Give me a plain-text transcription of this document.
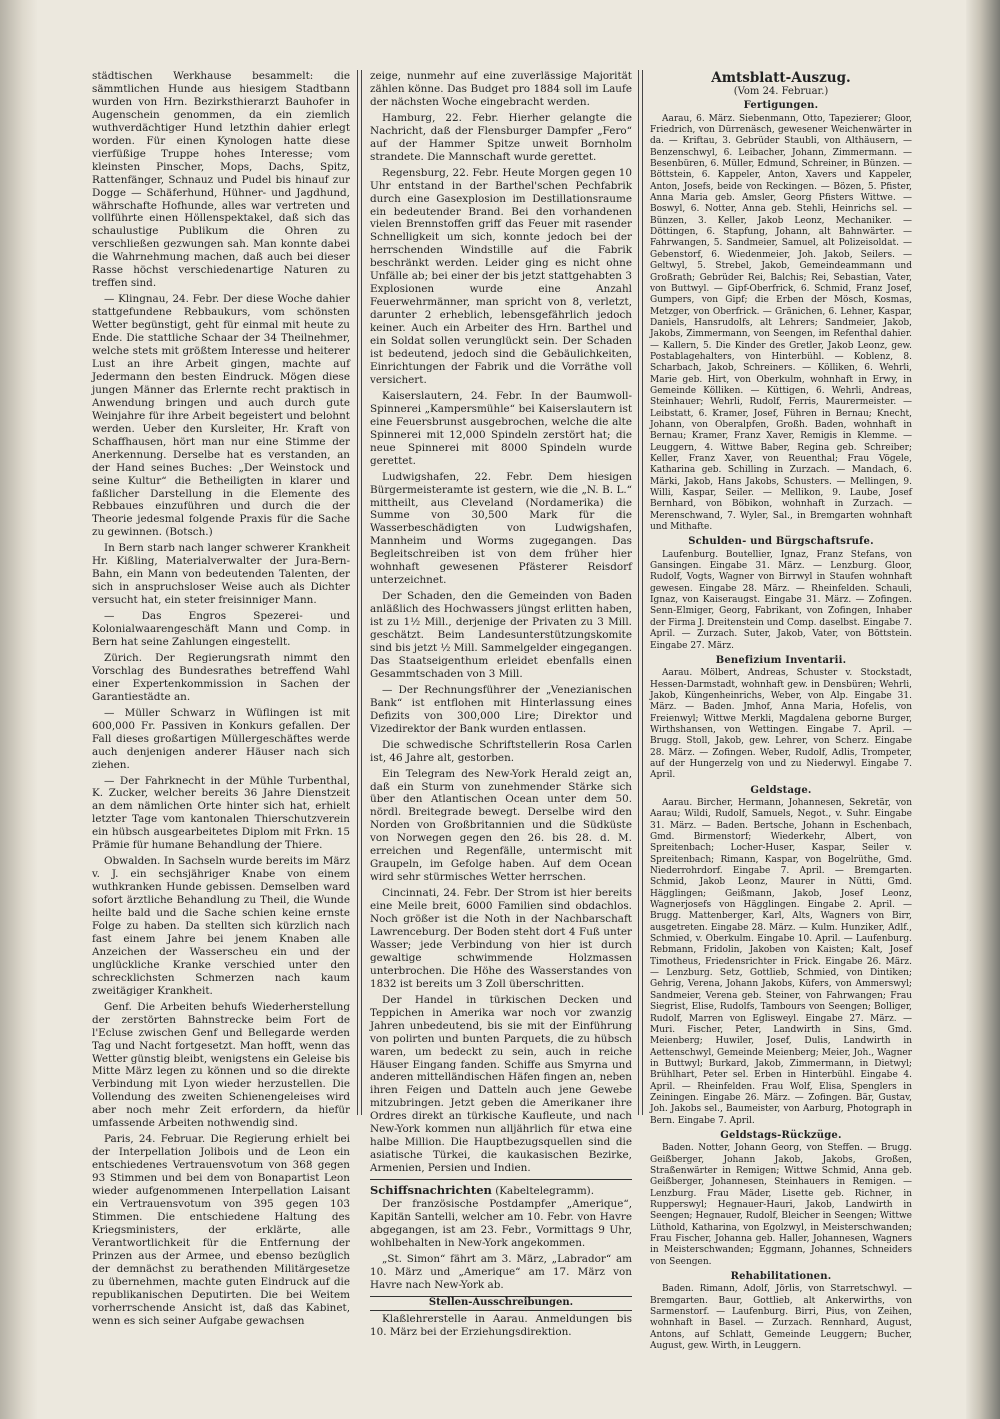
städtischen Werkhause besammelt: die sämmtlichen Hunde aus hiesigem Stadtbann wurden von Hrn. Bezirksthierarzt Bauhofer in Augenschein genommen, da ein ziemlich wuthverdächtiger Hund letzthin dahier erlegt worden. Für einen Kynologen hatte diese vierfüßige Truppe hohes Interesse; vom kleinsten Pinscher, Mops, Dachs, Spitz, Rattenfänger, Schnauz und Pudel bis hinauf zur Dogge — Schäferhund, Hühner- und Jagdhund, währschafte Hofhunde, alles war vertreten und vollführte einen Höllenspektakel, daß sich das schaulustige Publikum die Ohren zu verschließen gezwungen sah. Man konnte dabei die Wahrnehmung machen, daß auch bei dieser Rasse höchst verschiedenartige Naturen zu treffen sind.

— Klingnau, 24. Febr. Der diese Woche dahier stattgefundene Rebbaukurs, vom schönsten Wetter begünstigt, geht für einmal mit heute zu Ende. Die stattliche Schaar der 34 Theilnehmer, welche stets mit größtem Interesse und heiterer Lust an ihre Arbeit gingen, machte auf Jedermann den besten Eindruck. Mögen diese jungen Männer das Erlernte recht praktisch in Anwendung bringen und auch durch gute Weinjahre für ihre Arbeit begeistert und belohnt werden. Ueber den Kursleiter, Hr. Kraft von Schaffhausen, hört man nur eine Stimme der Anerkennung. Derselbe hat es verstanden, an der Hand seines Buches: „Der Weinstock und seine Kultur“ die Betheiligten in klarer und faßlicher Darstellung in die Elemente des Rebbaues einzuführen und durch die der Theorie jedesmal folgende Praxis für die Sache zu gewinnen. (Botsch.)

In Bern starb nach langer schwerer Krankheit Hr. Kißling, Materialverwalter der Jura-Bern-Bahn, ein Mann von bedeutenden Talenten, der sich in anspruchsloser Weise auch als Dichter versucht hat, ein steter freisinniger Mann.

— Das Engros Spezerei- und Kolonialwaarengeschäft Mann und Comp. in Bern hat seine Zahlungen eingestellt.

Zürich. Der Regierungsrath nimmt den Vorschlag des Bundesrathes betreffend Wahl einer Expertenkommission in Sachen der Garantiestädte an.

— Müller Schwarz in Wüflingen ist mit 600,000 Fr. Passiven in Konkurs gefallen. Der Fall dieses großartigen Müllergeschäftes werde auch denjenigen anderer Häuser nach sich ziehen.

— Der Fahrknecht in der Mühle Turbenthal, K. Zucker, welcher bereits 36 Jahre Dienstzeit an dem nämlichen Orte hinter sich hat, erhielt letzter Tage vom kantonalen Thierschutzverein ein hübsch ausgearbeitetes Diplom mit Frkn. 15 Prämie für humane Behandlung der Thiere.

Obwalden. In Sachseln wurde bereits im März v. J. ein sechsjähriger Knabe von einem wuthkranken Hunde gebissen. Demselben ward sofort ärztliche Behandlung zu Theil, die Wunde heilte bald und die Sache schien keine ernste Folge zu haben. Da stellten sich kürzlich nach fast einem Jahre bei jenem Knaben alle Anzeichen der Wasserscheu ein und der unglückliche Kranke verschied unter den schrecklichsten Schmerzen nach kaum zweitägiger Krankheit.

Genf. Die Arbeiten behufs Wiederherstellung der zerstörten Bahnstrecke beim Fort de l'Ecluse zwischen Genf und Bellegarde werden Tag und Nacht fortgesetzt. Man hofft, wenn das Wetter günstig bleibt, wenigstens ein Geleise bis Mitte März legen zu können und so die direkte Verbindung mit Lyon wieder herzustellen. Die Vollendung des zweiten Schienengeleises wird aber noch mehr Zeit erfordern, da hiefür umfassende Arbeiten nothwendig sind.

Paris, 24. Februar. Die Regierung erhielt bei der Interpellation Jolibois und de Leon ein entschiedenes Vertrauensvotum von 368 gegen 93 Stimmen und bei dem von Bonapartist Leon wieder aufgenommenen Interpellation Laisant ein Vertrauensvotum von 395 gegen 103 Stimmen. Die entschiedene Haltung des Kriegsministers, der erklärte, alle Verantwortlichkeit für die Entfernung der Prinzen aus der Armee, und ebenso bezüglich der demnächst zu berathenden Militärgesetze zu übernehmen, machte guten Eindruck auf die republikanischen Deputirten. Die bei Weitem vorherrschende Ansicht ist, daß das Kabinet, wenn es sich seiner Aufgabe gewachsen

zeige, nunmehr auf eine zuverlässige Majorität zählen könne. Das Budget pro 1884 soll im Laufe der nächsten Woche eingebracht werden.

Hamburg, 22. Febr. Hierher gelangte die Nachricht, daß der Flensburger Dampfer „Fero“ auf der Hammer Spitze unweit Bornholm strandete. Die Mannschaft wurde gerettet.

Regensburg, 22. Febr. Heute Morgen gegen 10 Uhr entstand in der Barthel'schen Pechfabrik durch eine Gasexplosion im Destillationsraume ein bedeutender Brand. Bei den vorhandenen vielen Brennstoffen griff das Feuer mit rasender Schnelligkeit um sich, konnte jedoch bei der herrschenden Windstille auf die Fabrik beschränkt werden. Leider ging es nicht ohne Unfälle ab; bei einer der bis jetzt stattgehabten 3 Explosionen wurde eine Anzahl Feuerwehrmänner, man spricht von 8, verletzt, darunter 2 erheblich, lebensgefährlich jedoch keiner. Auch ein Arbeiter des Hrn. Barthel und ein Soldat sollen verunglückt sein. Der Schaden ist bedeutend, jedoch sind die Gebäulichkeiten, Einrichtungen der Fabrik und die Vorräthe voll versichert.

Kaiserslautern, 24. Febr. In der Baumwoll-Spinnerei „Kampersmühle“ bei Kaiserslautern ist eine Feuersbrunst ausgebrochen, welche die alte Spinnerei mit 12,000 Spindeln zerstört hat; die neue Spinnerei mit 8000 Spindeln wurde gerettet.

Ludwigshafen, 22. Febr. Dem hiesigen Bürgermeisteramte ist gestern, wie die „N. B. L.“ mittheilt, aus Cleveland (Nordamerika) die Summe von 30,500 Mark für die Wasserbeschädigten von Ludwigshafen, Mannheim und Worms zugegangen. Das Begleitschreiben ist von dem früher hier wohnhaft gewesenen Pfästerer Reisdorf unterzeichnet.

Der Schaden, den die Gemeinden von Baden anläßlich des Hochwassers jüngst erlitten haben, ist zu 1½ Mill., derjenige der Privaten zu 3 Mill. geschätzt. Beim Landesunterstützungskomite sind bis jetzt ½ Mill. Sammelgelder eingegangen. Das Staatseigenthum erleidet ebenfalls einen Gesammtschaden von 3 Mill.

— Der Rechnungsführer der „Venezianischen Bank“ ist entflohen mit Hinterlassung eines Defizits von 300,000 Lire; Direktor und Vizedirektor der Bank wurden entlassen.

Die schwedische Schriftstellerin Rosa Carlen ist, 46 Jahre alt, gestorben.

Ein Telegram des New-York Herald zeigt an, daß ein Sturm von zunehmender Stärke sich über den Atlantischen Ocean unter dem 50. nördl. Breitegrade bewegt. Derselbe wird den Norden von Großbritannien und die Südküste von Norwegen gegen den 26. bis 28. d. M. erreichen und Regenfälle, untermischt mit Graupeln, im Gefolge haben. Auf dem Ocean wird sehr stürmisches Wetter herrschen.

Cincinnati, 24. Febr. Der Strom ist hier bereits eine Meile breit, 6000 Familien sind obdachlos. Noch größer ist die Noth in der Nachbarschaft Lawrenceburg. Der Boden steht dort 4 Fuß unter Wasser; jede Verbindung von hier ist durch gewaltige schwimmende Holzmassen unterbrochen. Die Höhe des Wasserstandes von 1832 ist bereits um 3 Zoll überschritten.

Der Handel in türkischen Decken und Teppichen in Amerika war noch vor zwanzig Jahren unbedeutend, bis sie mit der Einführung von polirten und bunten Parquets, die zu hübsch waren, um bedeckt zu sein, auch in reiche Häuser Eingang fanden. Schiffe aus Smyrna und anderen mittelländischen Häfen fingen an, neben ihren Feigen und Datteln auch jene Gewebe mitzubringen. Jetzt geben die Amerikaner ihre Ordres direkt an türkische Kaufleute, und nach New-York kommen nun alljährlich für etwa eine halbe Million. Die Hauptbezugsquellen sind die asiatische Türkei, die kaukasischen Bezirke, Armenien, Persien und Indien.

Schiffsnachrichten (Kabeltelegramm).

Der französische Postdampfer „Amerique“, Kapitän Santelli, welcher am 10. Febr. von Havre abgegangen, ist am 23. Febr., Vormittags 9 Uhr, wohlbehalten in New-York angekommen.

„St. Simon“ fährt am 3. März, „Labrador“ am 10. März und „Amerique“ am 17. März von Havre nach New-York ab.

Stellen-Ausschreibungen.

Klaßlehrerstelle in Aarau. Anmeldungen bis 10. März bei der Erziehungsdirektion.

Amtsblatt-Auszug.
(Vom 24. Februar.)
Fertigungen.

Aarau, 6. März. Siebenmann, Otto, Tapezierer; Gloor, Friedrich, von Dürrenäsch, gewesener Weichenwärter in da. — Kriftau, 3. Gebrüder Staubli, von Althäusern, — Benzenschwyl, 6. Leibacher, Johann, Zimmermann. — Besenbüren, 6. Müller, Edmund, Schreiner, in Bünzen. — Böttstein, 6. Kappeler, Anton, Xavers und Kappeler, Anton, Josefs, beide von Reckingen. — Bözen, 5. Pfister, Anna Maria geb. Amsler, Georg Pfisters Wittwe. — Boswyl, 6. Notter, Anna geb. Stehli, Heinrichs sel. — Bünzen, 3. Keller, Jakob Leonz, Mechaniker. — Döttingen, 6. Stapfung, Johann, alt Bahnwärter. — Fahrwangen, 5. Sandmeier, Samuel, alt Polizeisoldat. — Gebenstorf, 6. Wiedenmeier, Joh. Jakob, Seilers. — Geltwyl, 5. Strebel, Jakob, Gemeindeammann und Großrath; Gebrüder Rei, Balchis; Rei, Sebastian, Vater, von Buttwyl. — Gipf-Oberfrick, 6. Schmid, Franz Josef, Gumpers, von Gipf; die Erben der Mösch, Kosmas, Metzger, von Oberfrick. — Gränichen, 6. Lehner, Kaspar, Daniels, Hansrudolfs, alt Lehrers; Sandmeier, Jakob, Jakobs, Zimmermann, von Seengen, im Refenthal dahier. — Kallern, 5. Die Kinder des Gretler, Jakob Leonz, gew. Postablagehalters, von Hinterbühl. — Koblenz, 8. Scharbach, Jakob, Schreiners. — Kölliken, 6. Wehrli, Marie geb. Hirt, von Oberkulm, wohnhaft in Erwy, in Gemeinde Kölliken. — Küttigen, 6. Wehrli, Andreas, Steinhauer; Wehrli, Rudolf, Ferris, Maurermeister. — Leibstatt, 6. Kramer, Josef, Führen in Bernau; Knecht, Johann, von Oberalpfen, Großh. Baden, wohnhaft in Bernau; Kramer, Franz Xaver, Remigis in Klemme. — Leuggern, 4. Wittwe Baber, Regina geb. Schreiber; Keller, Franz Xaver, von Reuenthal; Frau Vögele, Katharina geb. Schilling in Zurzach. — Mandach, 6. Märki, Jakob, Hans Jakobs, Schusters. — Mellingen, 9. Willi, Kaspar, Seiler. — Mellikon, 9. Laube, Josef Bernhard, von Böbikon, wohnhaft in Zurzach. — Merenschwand, 7. Wyler, Sal., in Bremgarten wohnhaft und Mithafte.

Schulden- und Bürgschaftsrufe.

Laufenburg. Boutellier, Ignaz, Franz Stefans, von Gansingen. Eingabe 31. März. — Lenzburg. Gloor, Rudolf, Vogts, Wagner von Birrwyl in Staufen wohnhaft gewesen. Eingabe 28. März. — Rheinfelden. Schauli, Ignaz, von Kaiseraugst. Eingabe 31. März. — Zofingen. Senn-Elmiger, Georg, Fabrikant, von Zofingen, Inhaber der Firma J. Dreitenstein und Comp. daselbst. Eingabe 7. April. — Zurzach. Suter, Jakob, Vater, von Böttstein. Eingabe 27. März.

Benefizium Inventarii.

Aarau. Mölbert, Andreas, Schuster v. Stockstadt, Hessen-Darmstadt, wohnhaft gew. in Densbüren; Wehrli, Jakob, Küngenheinrichs, Weber, von Alp. Eingabe 31. März. — Baden. Jmhof, Anna Maria, Hofelis, von Freienwyl; Wittwe Merkli, Magdalena geborne Burger, Wirthshansen, von Wettingen. Eingabe 7. April. — Brugg. Stoll, Jakob, gew. Lehrer, von Scherz. Eingabe 28. März. — Zofingen. Weber, Rudolf, Adlis, Trompeter, auf der Hungerzelg von und zu Niederwyl. Eingabe 7. April.

Geldstage.

Aarau. Bircher, Hermann, Johannesen, Sekretär, von Aarau; Wildi, Rudolf, Samuels, Negot., v. Suhr. Eingabe 31. März. — Baden. Bertsche, Johann in Eschenbach, Gmd. Birmenstorf; Wiederkehr, Albert, von Spreitenbach; Locher-Huser, Kaspar, Seiler v. Spreitenbach; Rimann, Kaspar, von Bogelrüthe, Gmd. Niederrohrdorf. Eingabe 7. April. — Bremgarten. Schmid, Jakob Leonz, Maurer in Nütti, Gmd. Hägglingen; Geißmann, Jakob, Josef Leonz, Wagnerjosefs von Hägglingen. Eingabe 2. April. — Brugg. Mattenberger, Karl, Alts, Wagners von Birr, ausgetreten. Eingabe 28. März. — Kulm. Hunziker, Adlf., Schmied, v. Oberkulm. Eingabe 10. April. — Laufenburg. Rebmann, Fridolin, Jakoben von Kaisten; Kalt, Josef Timotheus, Friedensrichter in Frick. Eingabe 26. März. — Lenzburg. Setz, Gottlieb, Schmied, von Dintiken; Gehrig, Verena, Johann Jakobs, Küfers, von Ammerswyl; Sandmeier, Verena geb. Steiner, von Fahrwangen; Frau Siegrist, Elise, Rudolfs, Tambours von Seengen; Bolliger, Rudolf, Marren von Eglisweyl. Eingabe 27. März. — Muri. Fischer, Peter, Landwirth in Sins, Gmd. Meienberg; Huwiler, Josef, Dulis, Landwirth in Aettenschwyl, Gemeinde Meienberg; Meier, Joh., Wagner in Buttwyl; Burkard, Jakob, Zimmermann, in Dietwyl; Brühlhart, Peter sel. Erben in Hinterbühl. Eingabe 4. April. — Rheinfelden. Frau Wolf, Elisa, Spenglers in Zeiningen. Eingabe 26. März. — Zofingen. Bär, Gustav, Joh. Jakobs sel., Baumeister, von Aarburg, Photograph in Bern. Eingabe 7. April.

Geldstags-Rückzüge.

Baden. Notter, Johann Georg, von Steffen. — Brugg. Geißberger, Johann Jakob, Jakobs, Großen, Straßenwärter in Remigen; Wittwe Schmid, Anna geb. Geißberger, Johannesen, Steinhauers in Remigen. — Lenzburg. Frau Mäder, Lisette geb. Richner, in Rupperswyl; Hegnauer-Hauri, Jakob, Landwirth in Seengen; Hegnauer, Rudolf, Bleicher in Seengen; Wittwe Lüthold, Katharina, von Egolzwyl, in Meisterschwanden; Frau Fischer, Johanna geb. Haller, Johannesen, Wagners in Meisterschwanden; Eggmann, Johannes, Schneiders von Seengen.

Rehabilitationen.

Baden. Rimann, Adolf, Jörlis, von Starretschwyl. — Bremgarten. Baur, Gottlieb, alt Ankerwirths, von Sarmenstorf. — Laufenburg. Birri, Pius, von Zeihen, wohnhaft in Basel. — Zurzach. Rennhard, August, Antons, auf Schlatt, Gemeinde Leuggern; Bucher, August, gew. Wirth, in Leuggern.
